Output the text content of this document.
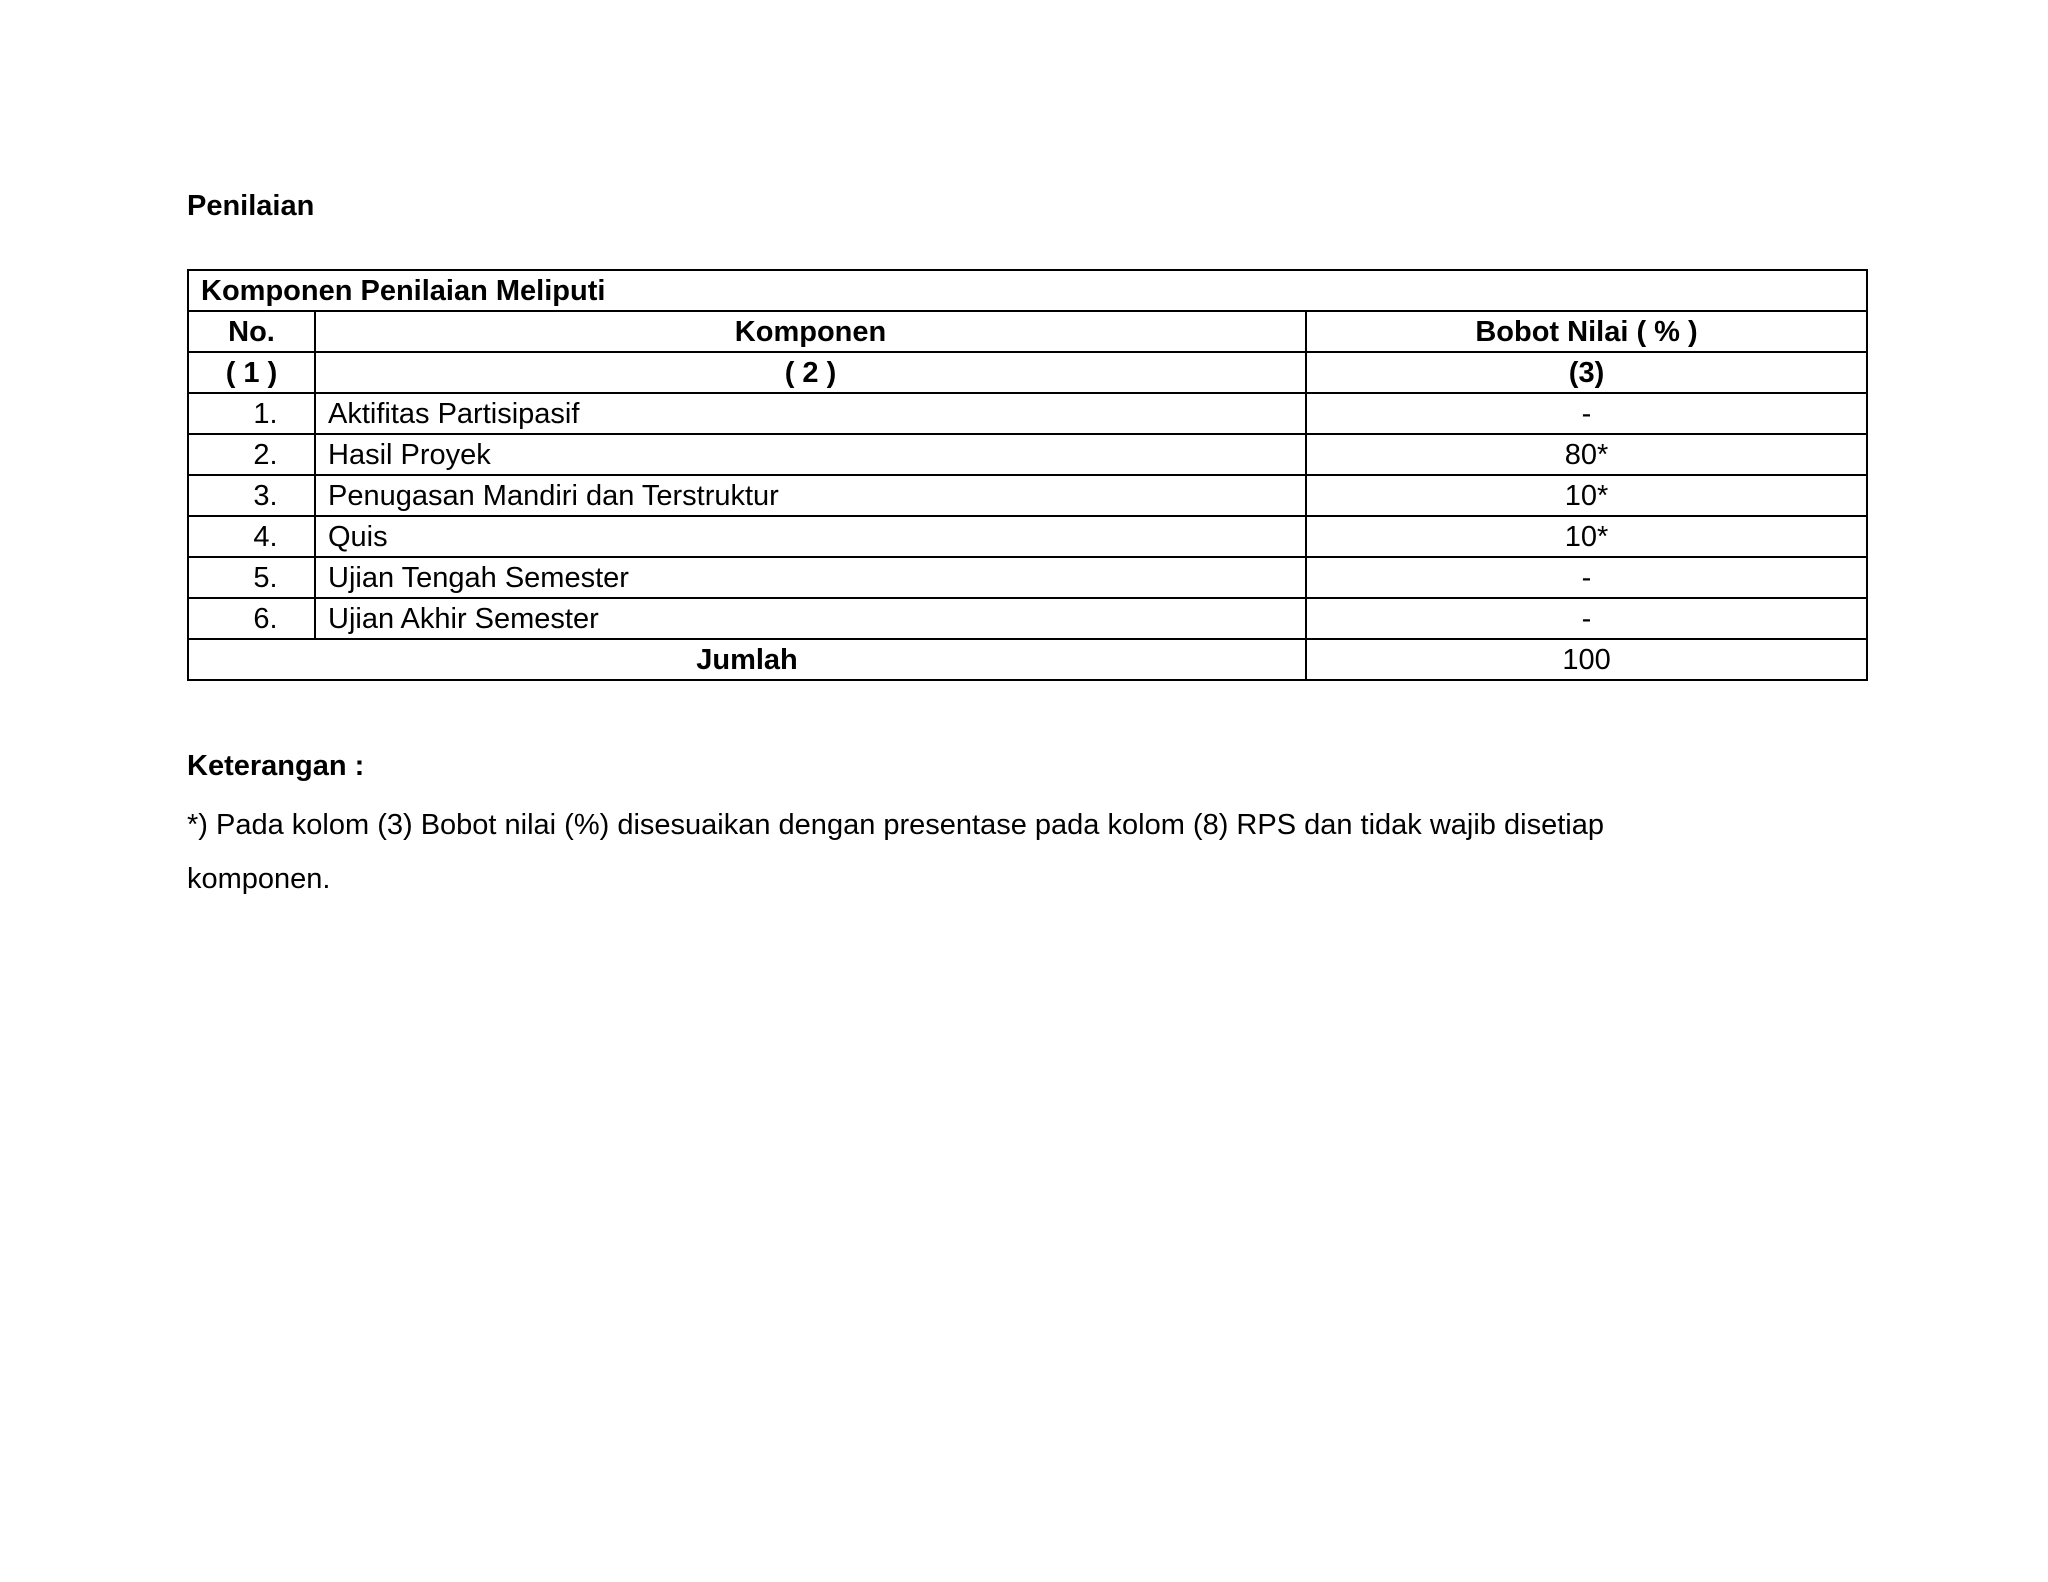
Penilaian

Komponen Penilaian Meliputi		
No.	Komponen	Bobot Nilai ( % )
( 1 )	( 2 )	(3)
1.	Aktifitas Partisipasif	-
2.	Hasil Proyek	80*
3.	Penugasan Mandiri dan Terstruktur	10*
4.	Quis	10*
5.	Ujian Tengah Semester	-
6.	Ujian Akhir Semester	-
Jumlah		100

Keterangan :

*) Pada kolom (3) Bobot nilai (%) disesuaikan dengan presentase pada kolom (8) RPS dan tidak wajib disetiap komponen.
